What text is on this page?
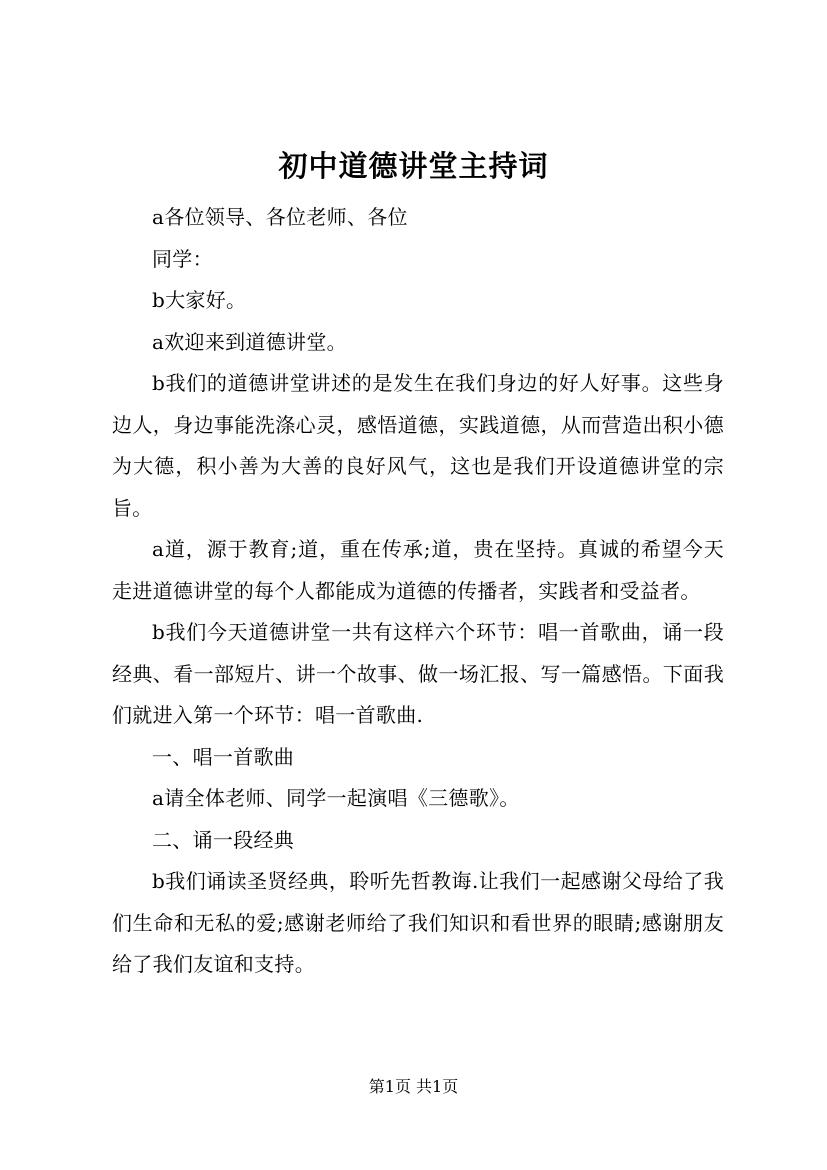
初中道德讲堂主持词

a各位领导、各位老师、各位

同学：

b大家好。

a欢迎来到道德讲堂。

b我们的道德讲堂讲述的是发生在我们身边的好人好事。这些身边人，身边事能洗涤心灵，感悟道德，实践道德，从而营造出积小德为大德，积小善为大善的良好风气，这也是我们开设道德讲堂的宗旨。

a道，源于教育;道，重在传承;道，贵在坚持。真诚的希望今天走进道德讲堂的每个人都能成为道德的传播者，实践者和受益者。

b我们今天道德讲堂一共有这样六个环节：唱一首歌曲，诵一段经典、看一部短片、讲一个故事、做一场汇报、写一篇感悟。下面我们就进入第一个环节：唱一首歌曲.

一、唱一首歌曲

a请全体老师、同学一起演唱《三德歌》。

二、诵一段经典

b我们诵读圣贤经典，聆听先哲教诲.让我们一起感谢父母给了我们生命和无私的爱;感谢老师给了我们知识和看世界的眼睛;感谢朋友给了我们友谊和支持。

第1页 共1页
